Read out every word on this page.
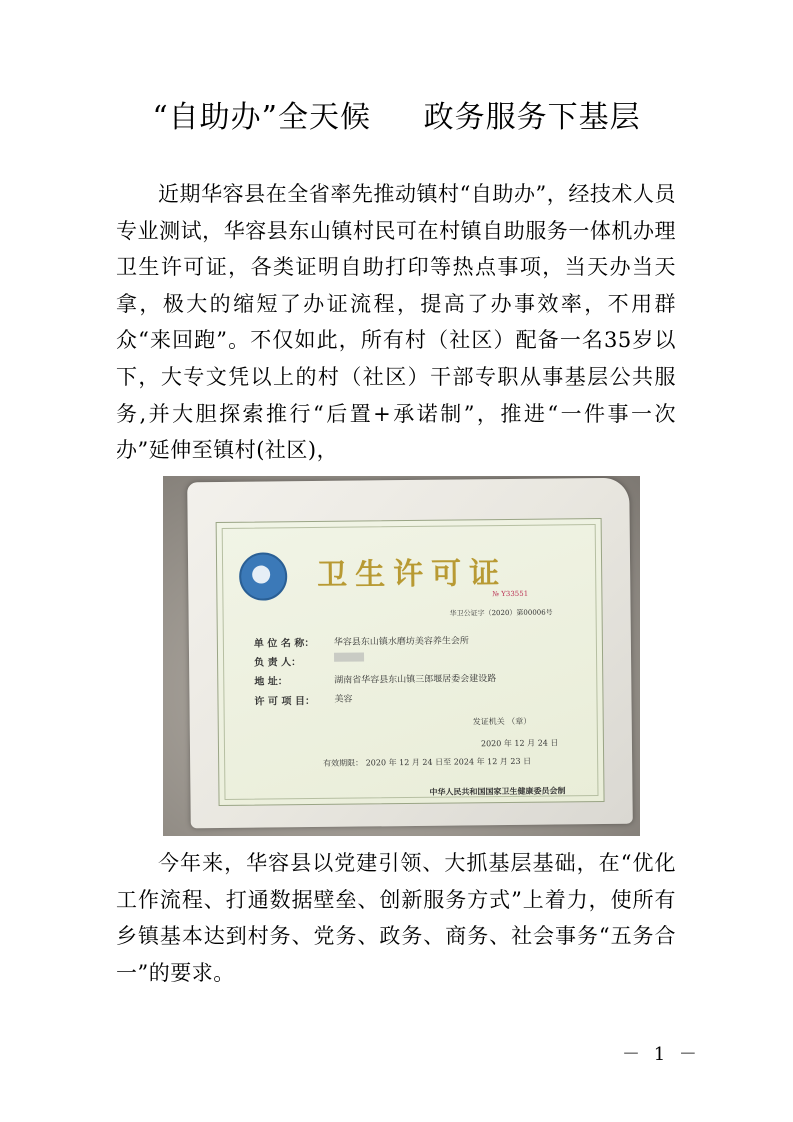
“自助办”全天候     政务服务下基层
近期华容县在全省率先推动镇村“自助办”，经技术人员专业测试，华容县东山镇村民可在村镇自助服务一体机办理卫生许可证，各类证明自助打印等热点事项，当天办当天拿，极大的缩短了办证流程，提高了办事效率，不用群众“来回跑”。不仅如此，所有村（社区）配备一名35岁以下，大专文凭以上的村（社区）干部专职从事基层公共服务,并大胆探索推行“后置+承诺制”，推进“一件事一次办”延伸至镇村(社区)，
卫生许可证
№ Y33551
华卫公证字（2020）第00006号
单 位 名 称： 华容县东山镇水磨坊美容养生会所
负 责 人：
地 址：	湖南省华容县东山镇三郎堰居委会建设路
许 可 项 目： 美容
发证机关 （章）
2020 年 12 月 24 日
有效期限： 2020 年 12 月 24 日至 2024 年 12 月 23 日
中华人民共和国国家卫生健康委员会制
今年来，华容县以党建引领、大抓基层基础，在“优化工作流程、打通数据壁垒、创新服务方式”上着力，使所有乡镇基本达到村务、党务、政务、商务、社会事务“五务合一”的要求。
－ 1 －
